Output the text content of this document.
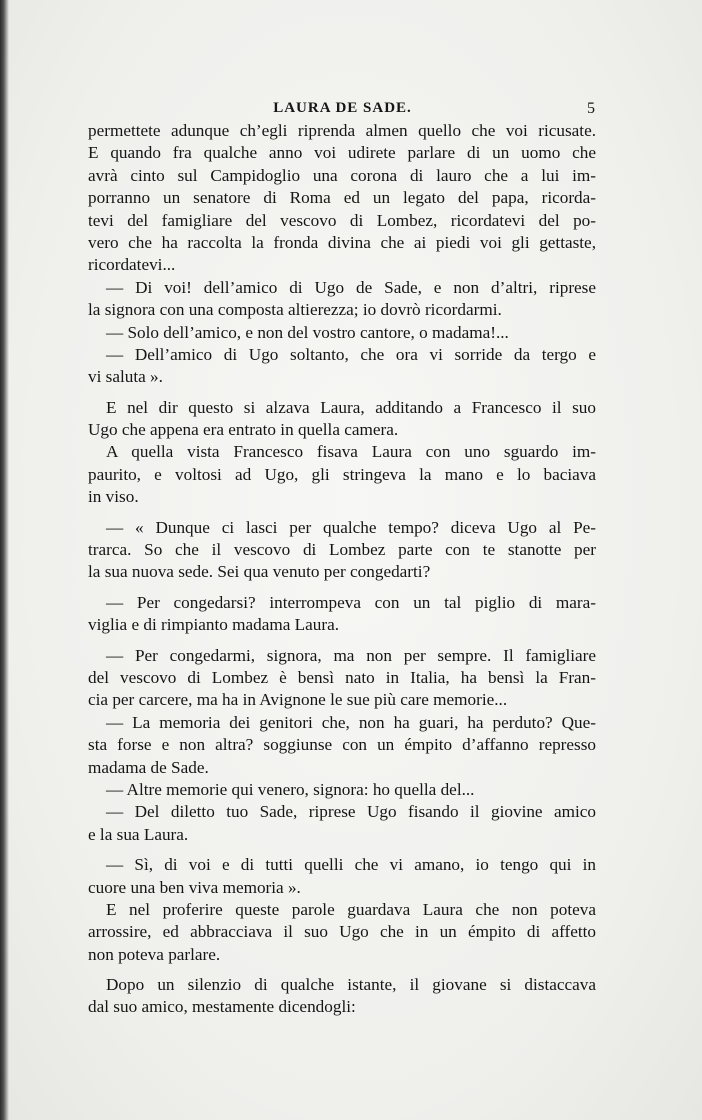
LAURA DE SADE.	5
permettete adunque ch’egli riprenda almen quello che voi ricusate.
E quando fra qualche anno voi udirete parlare di un uomo che
avrà cinto sul Campidoglio una corona di lauro che a lui im-
porranno un senatore di Roma ed un legato del papa, ricorda-
tevi del famigliare del vescovo di Lombez, ricordatevi del po-
vero che ha raccolta la fronda divina che ai piedi voi gli gettaste,
ricordatevi...
— Di voi! dell’amico di Ugo de Sade, e non d’altri, riprese
la signora con una composta altierezza; io dovrò ricordarmi.
— Solo dell’amico, e non del vostro cantore, o madama!...
— Dell’amico di Ugo soltanto, che ora vi sorride da tergo e
vi saluta ».
E nel dir questo si alzava Laura, additando a Francesco il suo
Ugo che appena era entrato in quella camera.
A quella vista Francesco fisava Laura con uno sguardo im-
paurito, e voltosi ad Ugo, gli stringeva la mano e lo baciava
in viso.
— « Dunque ci lasci per qualche tempo? diceva Ugo al Pe-
trarca. So che il vescovo di Lombez parte con te stanotte per
la sua nuova sede. Sei qua venuto per congedarti?
— Per congedarsi? interrompeva con un tal piglio di mara-
viglia e di rimpianto madama Laura.
— Per congedarmi, signora, ma non per sempre. Il famigliare
del vescovo di Lombez è bensì nato in Italia, ha bensì la Fran-
cia per carcere, ma ha in Avignone le sue più care memorie...
— La memoria dei genitori che, non ha guari, ha perduto? Que-
sta forse e non altra? soggiunse con un émpito d’affanno represso
madama de Sade.
— Altre memorie qui venero, signora: ho quella del...
— Del diletto tuo Sade, riprese Ugo fisando il giovine amico
e la sua Laura.
— Sì, di voi e di tutti quelli che vi amano, io tengo qui in
cuore una ben viva memoria ».
E nel proferire queste parole guardava Laura che non poteva
arrossire, ed abbracciava il suo Ugo che in un émpito di affetto
non poteva parlare.
Dopo un silenzio di qualche istante, il giovane si distaccava
dal suo amico, mestamente dicendogli:
